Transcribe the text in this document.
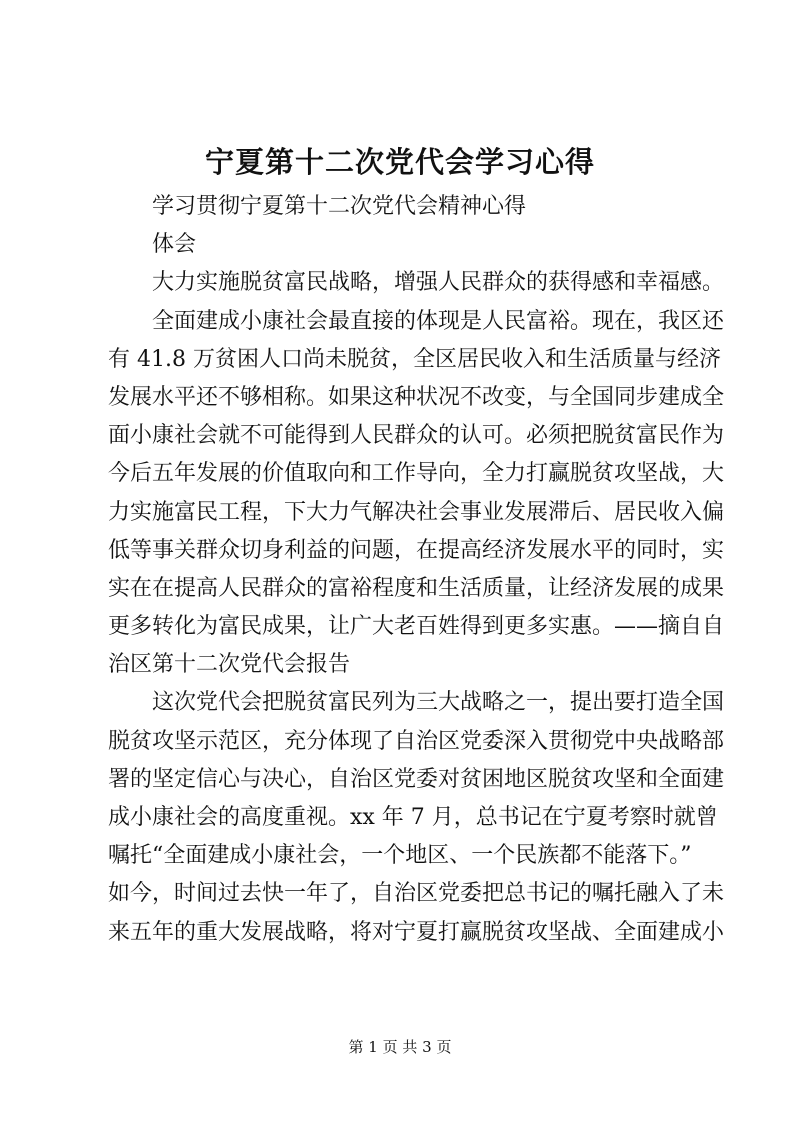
宁夏第十二次党代会学习心得
学习贯彻宁夏第十二次党代会精神心得
体会
大力实施脱贫富民战略，增强人民群众的获得感和幸福感。
全面建成小康社会最直接的体现是人民富裕。现在，我区还
有 41.8 万贫困人口尚未脱贫，全区居民收入和生活质量与经济
发展水平还不够相称。如果这种状况不改变，与全国同步建成全
面小康社会就不可能得到人民群众的认可。必须把脱贫富民作为
今后五年发展的价值取向和工作导向，全力打赢脱贫攻坚战，大
力实施富民工程，下大力气解决社会事业发展滞后、居民收入偏
低等事关群众切身利益的问题，在提高经济发展水平的同时，实
实在在提高人民群众的富裕程度和生活质量，让经济发展的成果
更多转化为富民成果，让广大老百姓得到更多实惠。——摘自自
治区第十二次党代会报告
这次党代会把脱贫富民列为三大战略之一，提出要打造全国
脱贫攻坚示范区，充分体现了自治区党委深入贯彻党中央战略部
署的坚定信心与决心，自治区党委对贫困地区脱贫攻坚和全面建
成小康社会的高度重视。xx 年 7 月，总书记在宁夏考察时就曾
嘱托“全面建成小康社会，一个地区、一个民族都不能落下。”
如今，时间过去快一年了，自治区党委把总书记的嘱托融入了未
来五年的重大发展战略，将对宁夏打赢脱贫攻坚战、全面建成小
第 1 页 共 3 页
